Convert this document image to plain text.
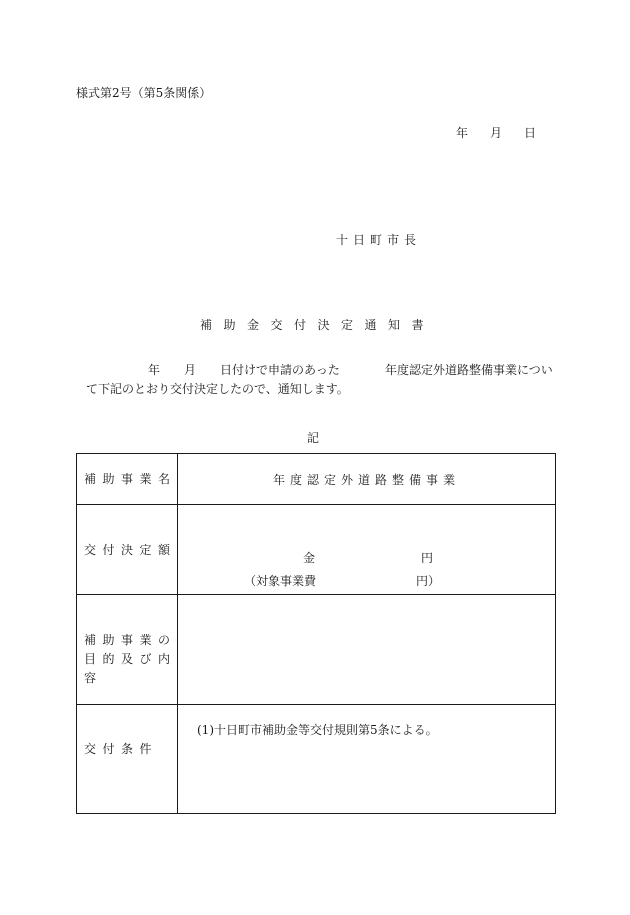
様式第2号（第5条関係）
年 月 日
十日町市長
補助金交付決定通知書
年 月 日付けで申請のあった	年度認定外道路整備事業につい
て下記のとおり交付決定したので、通知します。
記
補助事業名	年度認定外道路整備事業

交付決定額	金 円
（対象事業費 円）

補助事業の
目的及び内容	

交付条件	(1)十日町市補助金等交付規則第5条による。
